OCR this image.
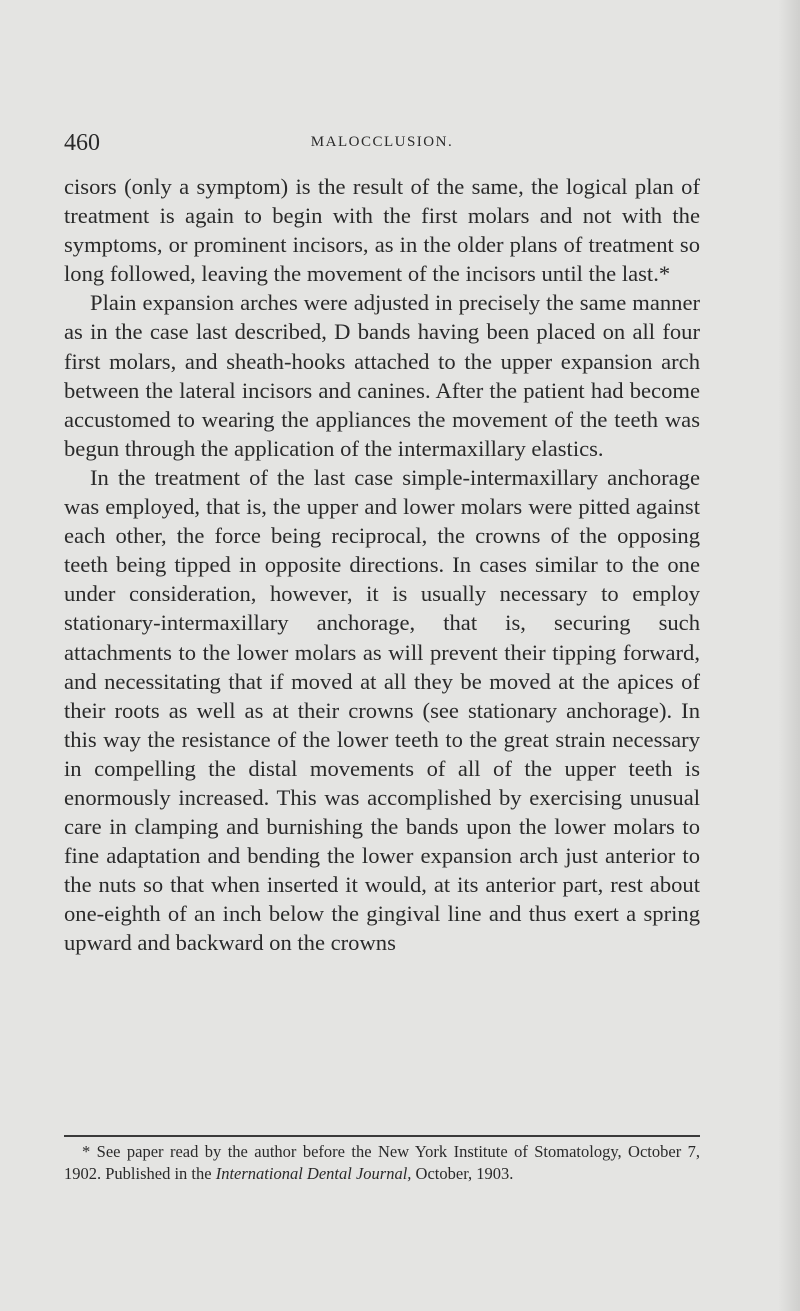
460	MALOCCLUSION.

cisors (only a symptom) is the result of the same, the logical plan of treatment is again to begin with the first molars and not with the symptoms, or prominent incisors, as in the older plans of treatment so long followed, leaving the movement of the incisors until the last.*

Plain expansion arches were adjusted in precisely the same manner as in the case last described, D bands having been placed on all four first molars, and sheath-hooks attached to the upper expansion arch between the lateral incisors and canines. After the patient had become accustomed to wearing the appliances the movement of the teeth was begun through the application of the intermaxillary elastics.

In the treatment of the last case simple-intermaxillary anchorage was employed, that is, the upper and lower molars were pitted against each other, the force being reciprocal, the crowns of the opposing teeth being tipped in opposite directions. In cases similar to the one under consideration, however, it is usually necessary to employ stationary-intermaxillary anchorage, that is, securing such attachments to the lower molars as will prevent their tipping forward, and necessitating that if moved at all they be moved at the apices of their roots as well as at their crowns (see stationary anchorage). In this way the resistance of the lower teeth to the great strain necessary in compelling the distal movements of all of the upper teeth is enormously increased. This was accomplished by exercising unusual care in clamping and burnishing the bands upon the lower molars to fine adaptation and bending the lower expansion arch just anterior to the nuts so that when inserted it would, at its anterior part, rest about one-eighth of an inch below the gingival line and thus exert a spring upward and backward on the crowns

* See paper read by the author before the New York Institute of Stomatology, October 7, 1902. Published in the International Dental Journal, October, 1903.
